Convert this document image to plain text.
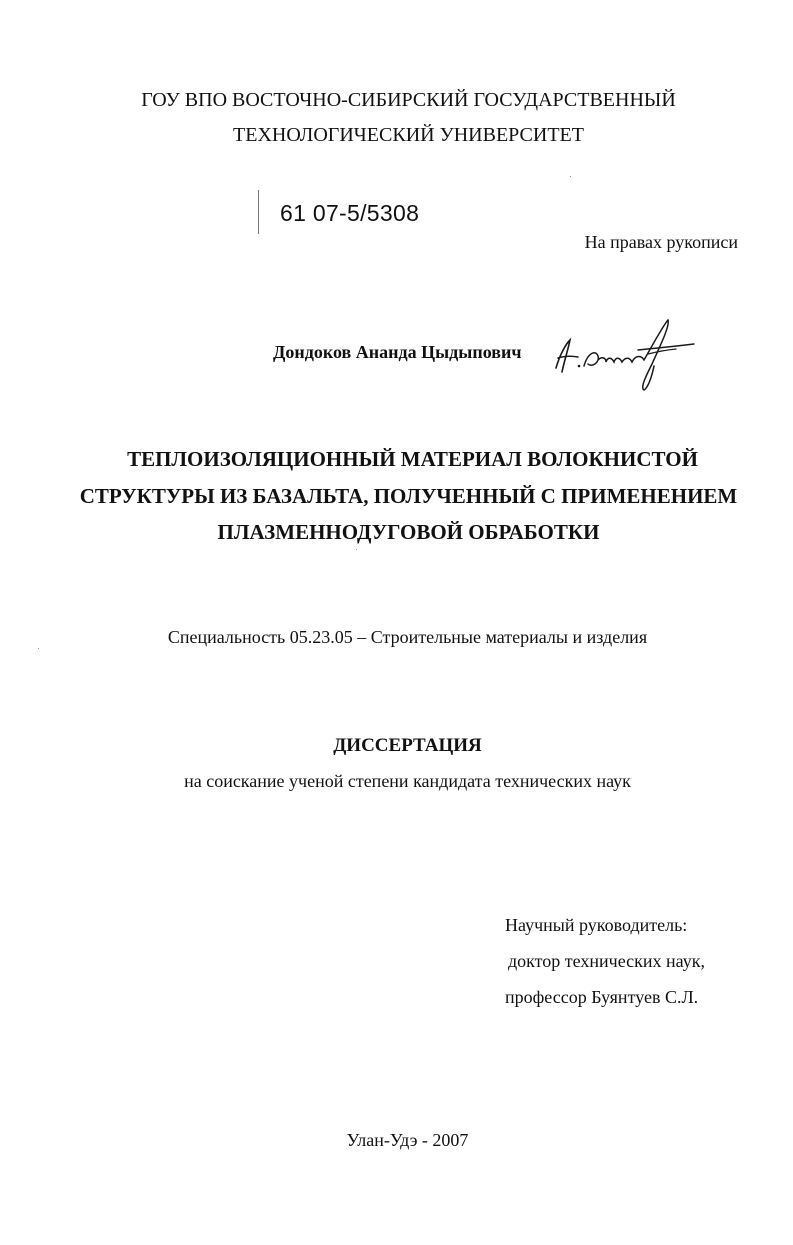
ГОУ ВПО ВОСТОЧНО-СИБИРСКИЙ ГОСУДАРСТВЕННЫЙ
ТЕХНОЛОГИЧЕСКИЙ УНИВЕРСИТЕТ
61 07-5/5308
На правах рукописи
Дондоков Ананда Цыдыпович
ТЕПЛОИЗОЛЯЦИОННЫЙ МАТЕРИАЛ ВОЛОКНИСТОЙ
СТРУКТУРЫ ИЗ БАЗАЛЬТА, ПОЛУЧЕННЫЙ С ПРИМЕНЕНИЕМ
ПЛАЗМЕННОДУГОВОЙ ОБРАБОТКИ
Специальность 05.23.05 – Строительные материалы и изделия
ДИССЕРТАЦИЯ
на соискание ученой степени кандидата технических наук
Научный руководитель:
доктор технических наук,
профессор Буянтуев С.Л.
Улан-Удэ - 2007
